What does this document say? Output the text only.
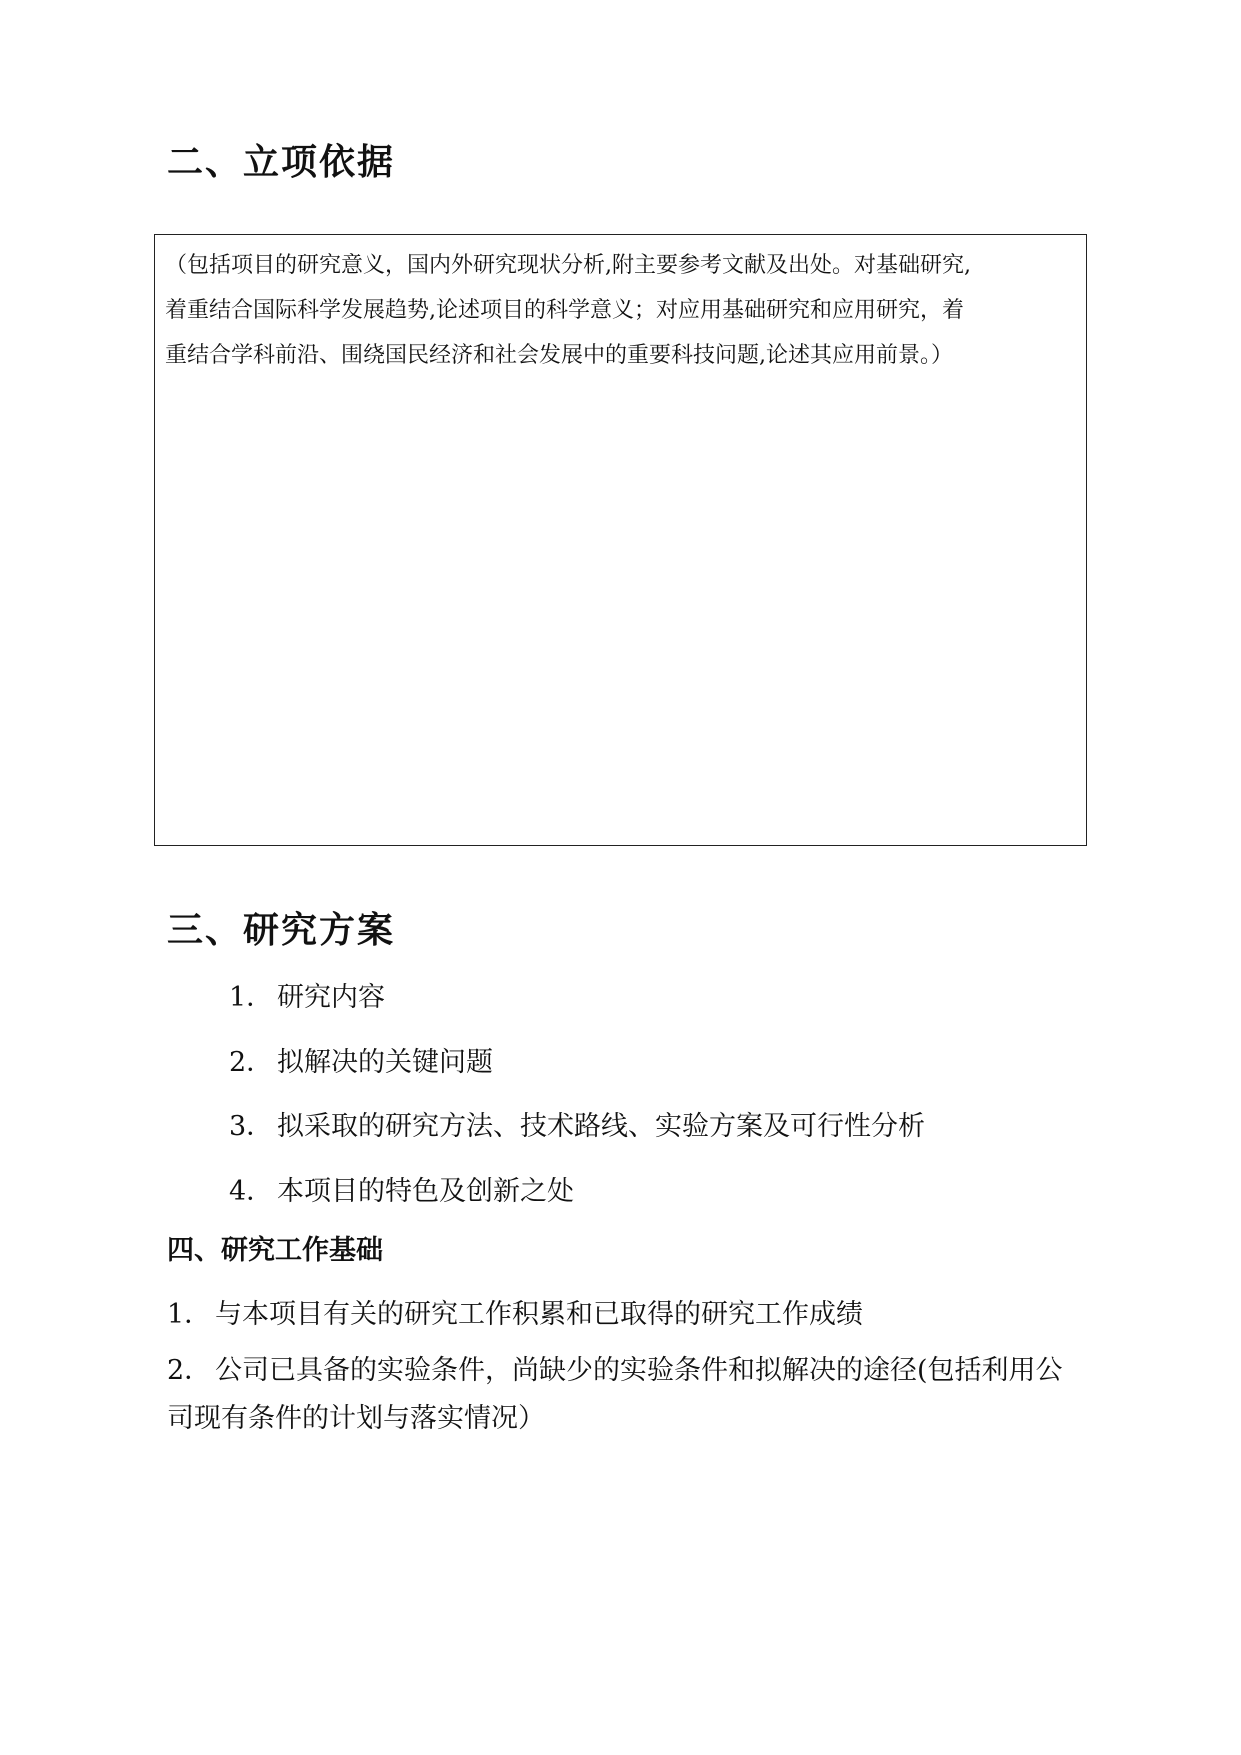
二、立项依据

（包括项目的研究意义，国内外研究现状分析,附主要参考文献及出处。对基础研究,
着重结合国际科学发展趋势,论述项目的科学意义；对应用基础研究和应用研究，着
重结合学科前沿、围绕国民经济和社会发展中的重要科技问题,论述其应用前景。）

三、研究方案
1． 研究内容
2． 拟解决的关键问题
3． 拟采取的研究方法、技术路线、实验方案及可行性分析
4． 本项目的特色及创新之处
四、研究工作基础

1． 与本项目有关的研究工作积累和已取得的研究工作成绩

2． 公司已具备的实验条件，尚缺少的实验条件和拟解决的途径(包括利用公司现有条件的计划与落实情况）
